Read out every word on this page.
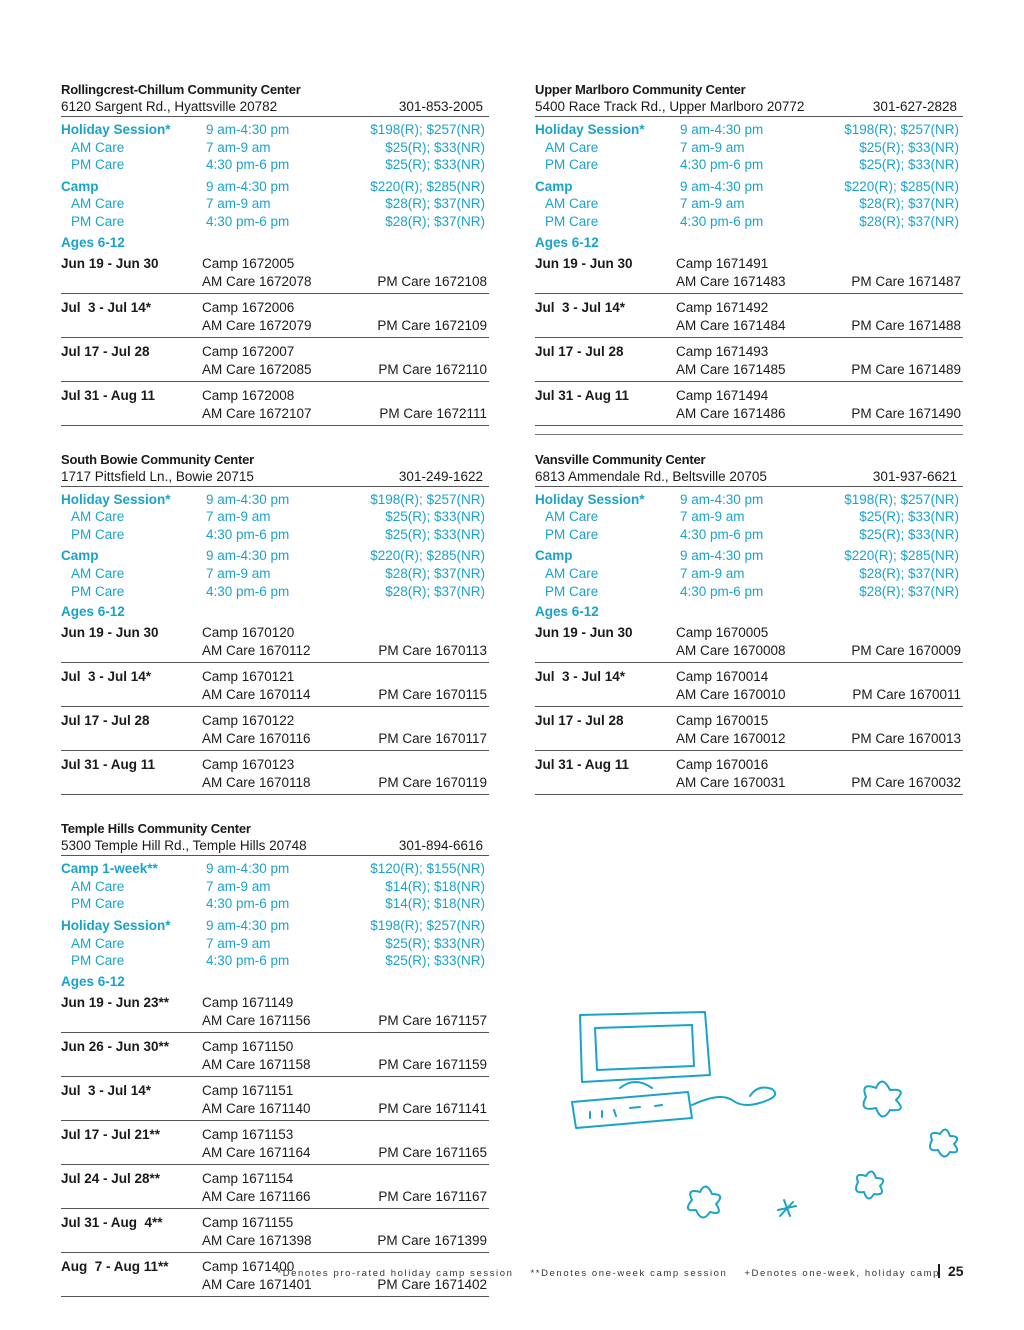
Rollingcrest-Chillum Community Center
6120 Sargent Rd., Hyattsville 20782	301-853-2005
Holiday Session*	9 am-4:30 pm	$198(R); $257(NR)
AM Care	7 am-9 am	$25(R); $33(NR)
PM Care	4:30 pm-6 pm	$25(R); $33(NR)
Camp	9 am-4:30 pm	$220(R); $285(NR)
AM Care	7 am-9 am	$28(R); $37(NR)
PM Care	4:30 pm-6 pm	$28(R); $37(NR)
Ages 6-12
Jun 19 - Jun 30	Camp 1672005
AM Care 1672078	PM Care 1672108
Jul  3 - Jul 14*	Camp 1672006
AM Care 1672079	PM Care 1672109
Jul 17 - Jul 28	Camp 1672007
AM Care 1672085	PM Care 1672110
Jul 31 - Aug 11	Camp 1672008
AM Care 1672107	PM Care 1672111
South Bowie Community Center
1717 Pittsfield Ln., Bowie 20715	301-249-1622
Holiday Session*	9 am-4:30 pm	$198(R); $257(NR)
AM Care	7 am-9 am	$25(R); $33(NR)
PM Care	4:30 pm-6 pm	$25(R); $33(NR)
Camp	9 am-4:30 pm	$220(R); $285(NR)
AM Care	7 am-9 am	$28(R); $37(NR)
PM Care	4:30 pm-6 pm	$28(R); $37(NR)
Ages 6-12
Jun 19 - Jun 30	Camp 1670120
AM Care 1670112	PM Care 1670113
Jul  3 - Jul 14*	Camp 1670121
AM Care 1670114	PM Care 1670115
Jul 17 - Jul 28	Camp 1670122
AM Care 1670116	PM Care 1670117
Jul 31 - Aug 11	Camp 1670123
AM Care 1670118	PM Care 1670119
Temple Hills Community Center
5300 Temple Hill Rd., Temple Hills 20748	301-894-6616
Camp 1-week**	9 am-4:30 pm	$120(R); $155(NR)
AM Care	7 am-9 am	$14(R); $18(NR)
PM Care	4:30 pm-6 pm	$14(R); $18(NR)
Holiday Session*	9 am-4:30 pm	$198(R); $257(NR)
AM Care	7 am-9 am	$25(R); $33(NR)
PM Care	4:30 pm-6 pm	$25(R); $33(NR)
Ages 6-12
Jun 19 - Jun 23**	Camp 1671149
AM Care 1671156	PM Care 1671157
Jun 26 - Jun 30**	Camp 1671150
AM Care 1671158	PM Care 1671159
Jul  3 - Jul 14*	Camp 1671151
AM Care 1671140	PM Care 1671141
Jul 17 - Jul 21**	Camp 1671153
AM Care 1671164	PM Care 1671165
Jul 24 - Jul 28**	Camp 1671154
AM Care 1671166	PM Care 1671167
Jul 31 - Aug  4**	Camp 1671155
AM Care 1671398	PM Care 1671399
Aug  7 - Aug 11**	Camp 1671400
AM Care 1671401	PM Care 1671402
Upper Marlboro Community Center
5400 Race Track Rd., Upper Marlboro 20772	301-627-2828
Holiday Session*	9 am-4:30 pm	$198(R); $257(NR)
AM Care	7 am-9 am	$25(R); $33(NR)
PM Care	4:30 pm-6 pm	$25(R); $33(NR)
Camp	9 am-4:30 pm	$220(R); $285(NR)
AM Care	7 am-9 am	$28(R); $37(NR)
PM Care	4:30 pm-6 pm	$28(R); $37(NR)
Ages 6-12
Jun 19 - Jun 30	Camp 1671491
AM Care 1671483	PM Care 1671487
Jul  3 - Jul 14*	Camp 1671492
AM Care 1671484	PM Care 1671488
Jul 17 - Jul 28	Camp 1671493
AM Care 1671485	PM Care 1671489
Jul 31 - Aug 11	Camp 1671494
AM Care 1671486	PM Care 1671490
Vansville Community Center
6813 Ammendale Rd., Beltsville 20705	301-937-6621
Holiday Session*	9 am-4:30 pm	$198(R); $257(NR)
AM Care	7 am-9 am	$25(R); $33(NR)
PM Care	4:30 pm-6 pm	$25(R); $33(NR)
Camp	9 am-4:30 pm	$220(R); $285(NR)
AM Care	7 am-9 am	$28(R); $37(NR)
PM Care	4:30 pm-6 pm	$28(R); $37(NR)
Ages 6-12
Jun 19 - Jun 30	Camp 1670005
AM Care 1670008	PM Care 1670009
Jul  3 - Jul 14*	Camp 1670014
AM Care 1670010	PM Care 1670011
Jul 17 - Jul 28	Camp 1670015
AM Care 1670012	PM Care 1670013
Jul 31 - Aug 11	Camp 1670016
AM Care 1670031	PM Care 1670032
*Denotes pro-rated holiday camp session    **Denotes one-week camp session    +Denotes one-week, holiday camp 25
